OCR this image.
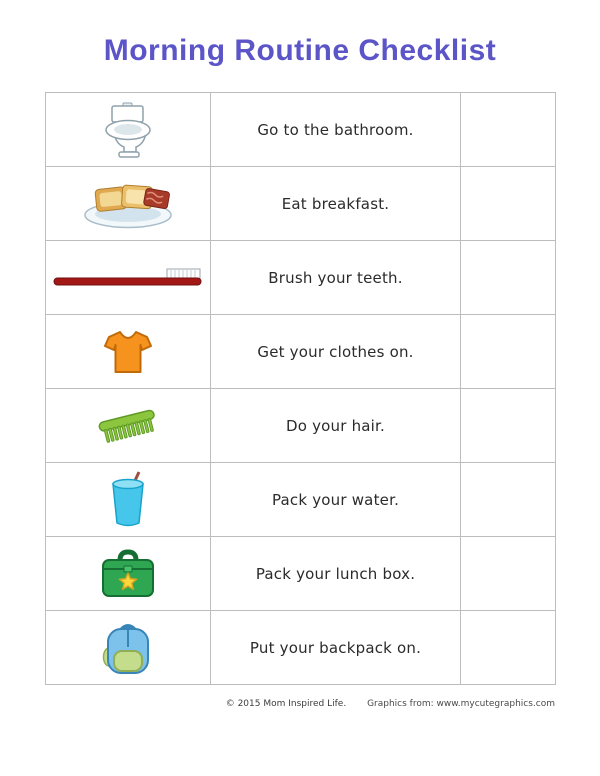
Morning Routine Checklist
	Go to the bathroom.	
	Eat breakfast.	
	Brush your teeth.	
	Get your clothes on.	
	Do your hair.	
	Pack your water.	
	Pack your lunch box.	
	Put your backpack on.	
© 2015 Mom Inspired Life. Graphics from: www.mycutegraphics.com
